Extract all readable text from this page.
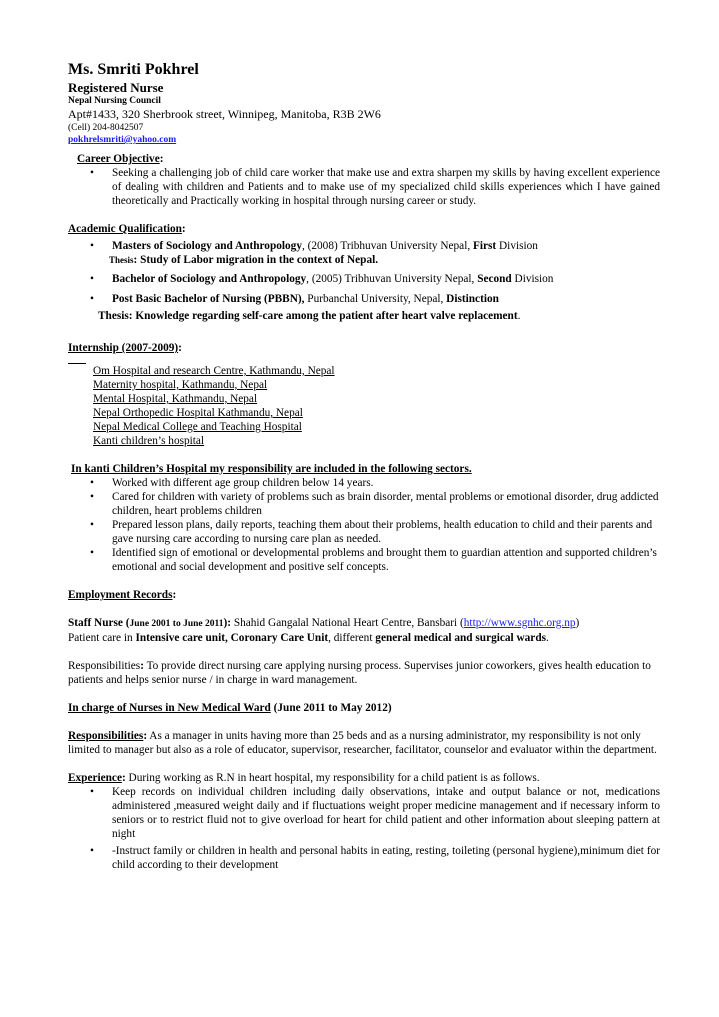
Ms. Smriti Pokhrel
Registered Nurse
Nepal Nursing Council
Apt#1433, 320 Sherbrook street, Winnipeg, Manitoba, R3B 2W6
(Cell) 204-8042507
pokhrelsmriti@yahoo.com
Career Objective:
• Seeking a challenging job of child care worker that make use and extra sharpen my skills by having excellent experience of dealing with children and Patients and to make use of my specialized child skills experiences which I have gained theoretically and Practically working in hospital through nursing career or study.
Academic Qualification:
• Masters of Sociology and Anthropology, (2008) Tribhuvan University Nepal, First Division
Thesis: Study of Labor migration in the context of Nepal.
• Bachelor of Sociology and Anthropology, (2005) Tribhuvan University Nepal, Second Division
• Post Basic Bachelor of Nursing (PBBN), Purbanchal University, Nepal, Distinction
Thesis: Knowledge regarding self-care among the patient after heart valve replacement.
Internship (2007-2009):
Om Hospital and research Centre, Kathmandu, Nepal
Maternity hospital, Kathmandu, Nepal
Mental Hospital, Kathmandu, Nepal
Nepal Orthopedic Hospital Kathmandu, Nepal
Nepal Medical College and Teaching Hospital
Kanti children’s hospital
In kanti Children’s Hospital my responsibility are included in the following sectors.
• Worked with different age group children below 14 years.
• Cared for children with variety of problems such as brain disorder, mental problems or emotional disorder, drug addicted children, heart problems children
• Prepared lesson plans, daily reports, teaching them about their problems, health education to child and their parents and gave nursing care according to nursing care plan as needed.
• Identified sign of emotional or developmental problems and brought them to guardian attention and supported children’s emotional and social development and positive self concepts.
Employment Records:
Staff Nurse (June 2001 to June 2011): Shahid Gangalal National Heart Centre, Bansbari (http://www.sgnhc.org.np)
Patient care in Intensive care unit, Coronary Care Unit, different general medical and surgical wards.
Responsibilities: To provide direct nursing care applying nursing process. Supervises junior coworkers, gives health education to patients and helps senior nurse / in charge in ward management.
In charge of Nurses in New Medical Ward (June 2011 to May 2012)
Responsibilities: As a manager in units having more than 25 beds and as a nursing administrator, my responsibility is not only limited to manager but also as a role of educator, supervisor, researcher, facilitator, counselor and evaluator within the department.
Experience: During working as R.N in heart hospital, my responsibility for a child patient is as follows.
• Keep records on individual children including daily observations, intake and output balance or not, medications administered ,measured weight daily and if fluctuations weight proper medicine management and if necessary inform to seniors or to restrict fluid not to give overload for heart for child patient and other information about sleeping pattern at night
• -Instruct family or children in health and personal habits in eating, resting, toileting (personal hygiene),minimum diet for child according to their development
